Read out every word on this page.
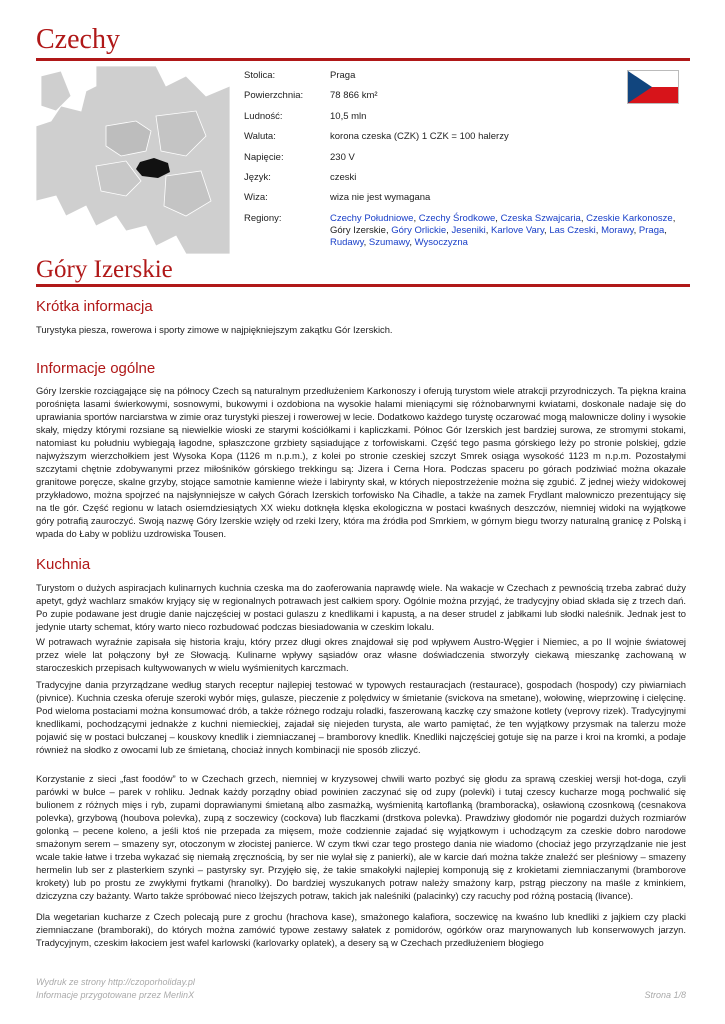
Czechy
Stolica:	Praga
Powierzchnia:	78 866 km²
Ludność:	10,5 mln
Waluta:	korona czeska (CZK) 1 CZK = 100 halerzy
Napięcie:	230 V
Język:	czeski
Wiza:	wiza nie jest wymagana
Regiony:	Czechy Południowe, Czechy Środkowe, Czeska Szwajcaria, Czeskie Karkonosze, Góry Izerskie, Góry Orlickie, Jeseniki, Karlove Vary, Las Czeski, Morawy, Praga, Rudawy, Szumawy, Wysoczyzna
Góry Izerskie
Krótka informacja

Turystyka piesza, rowerowa i sporty zimowe w najpiękniejszym zakątku Gór Izerskich.

Informacje ogólne

Góry Izerskie rozciągające się na północy Czech są naturalnym przedłużeniem Karkonoszy i oferują turystom wiele atrakcji przyrodniczych. Ta piękna kraina porośnięta lasami świerkowymi, sosnowymi, bukowymi i ozdobiona na wysokie halami mieniącymi się różnobarwnymi kwiatami, doskonale nadaje się do uprawiania sportów narciarstwa w zimie oraz turystyki pieszej i rowerowej w lecie. Dodatkowo każdego turystę oczarować mogą malownicze doliny i wysokie skały, między którymi rozsiane są niewielkie wioski ze starymi kościółkami i kapliczkami. Północ Gór Izerskich jest bardziej surowa, ze stromymi stokami, natomiast ku południu wybiegają łagodne, spłaszczone grzbiety sąsiadujące z torfowiskami. Część tego pasma górskiego leży po stronie polskiej, gdzie najwyższym wierzchołkiem jest Wysoka Kopa (1126 m n.p.m.), z kolei po stronie czeskiej szczyt Smrek osiąga wysokość 1123 m n.p.m. Pozostałymi szczytami chętnie zdobywanymi przez miłośników górskiego trekkingu są: Jizera i Cerna Hora. Podczas spaceru po górach podziwiać można okazałe granitowe poręcze, skalne grzyby, stojące samotnie kamienne wieże i labirynty skał, w których niepostrzeżenie można się zgubić. Z jednej wieży widokowej przykładowo, można spojrzeć na najsłynniejsze w całych Górach Izerskich torfowisko Na Cihadle, a także na zamek Frydlant malowniczo prezentujący się na tle gór. Część regionu w latach osiemdziesiątych XX wieku dotknęła klęska ekologiczna w postaci kwaśnych deszczów, niemniej widoki na wyjątkowe góry potrafią zauroczyć. Swoją nazwę Góry Izerskie wzięły od rzeki Izery, która ma źródła pod Smrkiem, w górnym biegu tworzy naturalną granicę z Polską i wpada do Łaby w pobliżu uzdrowiska Tousen.

Kuchnia

Turystom o dużych aspiracjach kulinarnych kuchnia czeska ma do zaoferowania naprawdę wiele. Na wakacje w Czechach z pewnością trzeba zabrać duży apetyt, gdyż wachlarz smaków kryjący się w regionalnych potrawach jest całkiem spory. Ogólnie można przyjąć, że tradycyjny obiad składa się z trzech dań. Po zupie podawane jest drugie danie najczęściej w postaci gulaszu z knedlikami i kapustą, a na deser strudel z jabłkami lub słodki naleśnik. Jednak jest to jedynie utarty schemat, który warto nieco rozbudować podczas biesiadowania w czeskim lokalu.

W potrawach wyraźnie zapisała się historia kraju, który przez długi okres znajdował się pod wpływem Austro-Węgier i Niemiec, a po II wojnie światowej przez wiele lat połączony był ze Słowacją. Kulinarne wpływy sąsiadów oraz własne doświadczenia stworzyły ciekawą mieszankę zachowaną w staroczeskich przepisach kultywowanych w wielu wyśmienitych karczmach.

Tradycyjne dania przyrządzane według starych receptur najlepiej testować w typowych restauracjach (restaurace), gospodach (hospody) czy piwiarniach (pivnice). Kuchnia czeska oferuje szeroki wybór mięs, gulasze, pieczenie z polędwicy w śmietanie (svickova na smetane), wołowinę, wieprzowinę i cielęcinę. Pod wieloma postaciami można konsumować drób, a także różnego rodzaju roladki, faszerowaną kaczkę czy smażone kotlety (veprovy rizek). Tradycyjnymi knedlikami, pochodzącymi jednakże z kuchni niemieckiej, zajadał się niejeden turysta, ale warto pamiętać, że ten wyjątkowy przysmak na talerzu może pojawić się w postaci bułczanej – kouskovy knedlik i ziemniaczanej – bramborovy knedlik. Knedliki najczęściej gotuje się na parze i kroi na kromki, a podaje również na słodko z owocami lub ze śmietaną, chociaż innych kombinacji nie sposób zliczyć.

Korzystanie z sieci „fast foodów” to w Czechach grzech, niemniej w kryzysowej chwili warto pozbyć się głodu za sprawą czeskiej wersji hot-doga, czyli parówki w bułce – parek v rohliku. Jednak każdy porządny obiad powinien zaczynać się od zupy (polevki) i tutaj czescy kucharze mogą pochwalić się bulionem z różnych mięs i ryb, zupami doprawianymi śmietaną albo zasmażką, wyśmienitą kartoflanką (bramboracka), osławioną czosnkową (cesnakova polevka), grzybową (houbova polevka), zupą z soczewicy (cockova) lub flaczkami (drstkova polevka). Prawdziwy głodomór nie pogardzi dużych rozmiarów golonką – pecene koleno, a jeśli ktoś nie przepada za mięsem, może codziennie zajadać się wyjątkowym i uchodzącym za czeskie dobro narodowe smażonym serem – smazeny syr, otoczonym w złocistej panierce. W czym tkwi czar tego prostego dania nie wiadomo (chociaż jego przyrządzanie nie jest wcale takie łatwe i trzeba wykazać się niemałą zręcznością, by ser nie wylał się z panierki), ale w karcie dań można także znaleźć ser pleśniowy – smazeny hermelin lub ser z plasterkiem szynki – pastyrsky syr. Przyjęło się, że takie smakołyki najlepiej komponują się z krokietami ziemniaczanymi (bramborove krokety) lub po prostu ze zwykłymi frytkami (hranolky). Do bardziej wyszukanych potraw należy smażony karp, pstrąg pieczony na maśle z kminkiem, dziczyzna czy bażanty. Warto także spróbować nieco lżejszych potraw, takich jak naleśniki (palacinky) czy racuchy pod różną postacią (livance).

Dla wegetarian kucharze z Czech polecają pure z grochu (hrachova kase), smażonego kalafiora, soczewicę na kwaśno lub knedliki z jajkiem czy placki ziemniaczane (bramboraki), do których można zamówić typowe zestawy sałatek z pomidorów, ogórków oraz marynowanych lub konserwowych jarzyn. Tradycyjnym, czeskim łakociem jest wafel karlowski (karlovarky oplatek), a desery są w Czechach przedłużeniem błogiego

Wydruk ze strony http://czoporholiday.pl
Informacje przygotowane przez MerlinX	Strona 1/8
